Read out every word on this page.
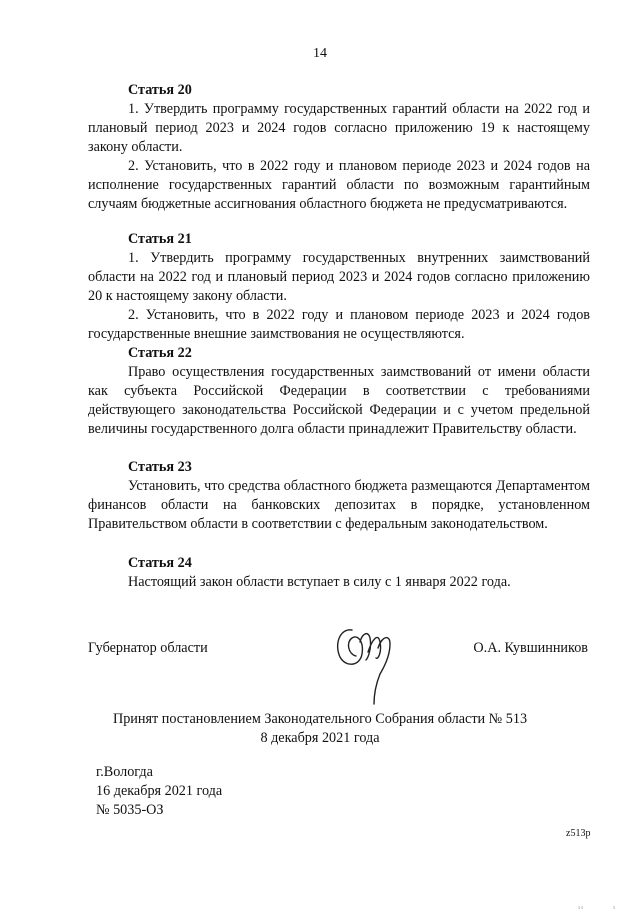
14
Статья 20

1. Утвердить программу государственных гарантий области на 2022 год и плановый период 2023 и 2024 годов согласно приложению 19 к настоящему закону области.

2. Установить, что в 2022 году и плановом периоде 2023 и 2024 годов на исполнение государственных гарантий области по возможным гарантийным случаям бюджетные ассигнования областного бюджета не предусматриваются.

Статья 21

1. Утвердить программу государственных внутренних заимствований области на 2022 год и плановый период 2023 и 2024 годов согласно приложению 20 к настоящему закону области.

2. Установить, что в 2022 году и плановом периоде 2023 и 2024 годов государственные внешние заимствования не осуществляются.

Статья 22

Право осуществления государственных заимствований от имени области как субъекта Российской Федерации в соответствии с требованиями действующего законодательства Российской Федерации и с учетом предельной величины государственного долга области принадлежит Правительству области.

Статья 23

Установить, что средства областного бюджета размещаются Департаментом финансов области на банковских депозитах в порядке, установленном Правительством области в соответствии с федеральным законодательством.

Статья 24

Настоящий закон области вступает в силу с 1 января 2022 года.

Губернатор области	О.А. Кувшинников
Принят постановлением Законодательного Собрания области № 513
8 декабря 2021 года
г.Вологда
16 декабря 2021 года
№ 5035-ОЗ
z513p
1 1	1
